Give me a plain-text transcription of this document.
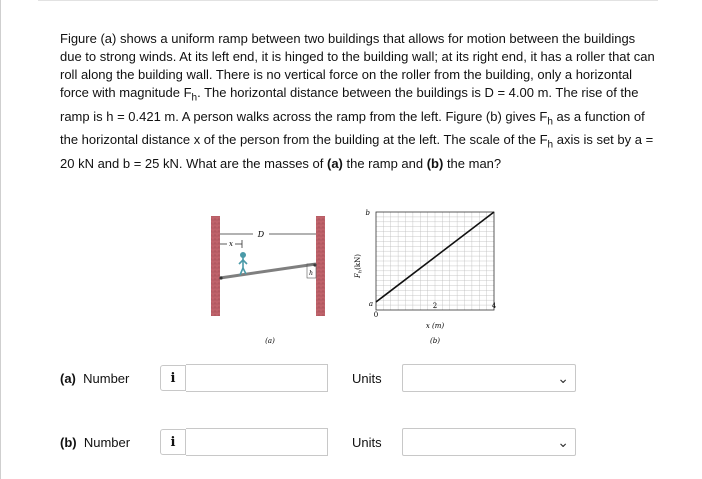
Figure (a) shows a uniform ramp between two buildings that allows for motion between the buildings due to strong winds. At its left end, it is hinged to the building wall; at its right end, it has a roller that can roll along the building wall. There is no vertical force on the roller from the building, only a horizontal force with magnitude $F_h$. The horizontal distance between the buildings is D = 4.00 m. The rise of the ramp is h = 0.421 m. A person walks across the ramp from the left. Figure (b) gives $F_h$ as a function of the horizontal distance x of the person from the building at the left. The scale of the $F_h$ axis is set by a = 20 kN and b = 25 kN. What are the masses of (a) the ramp and (b) the man?

D
x
h
(a)
$F_h(kN)$
b
a
0
2	4
x (m)
(b)
(a) Number	i	Units	⌄
(b) Number	i	Units	⌄
